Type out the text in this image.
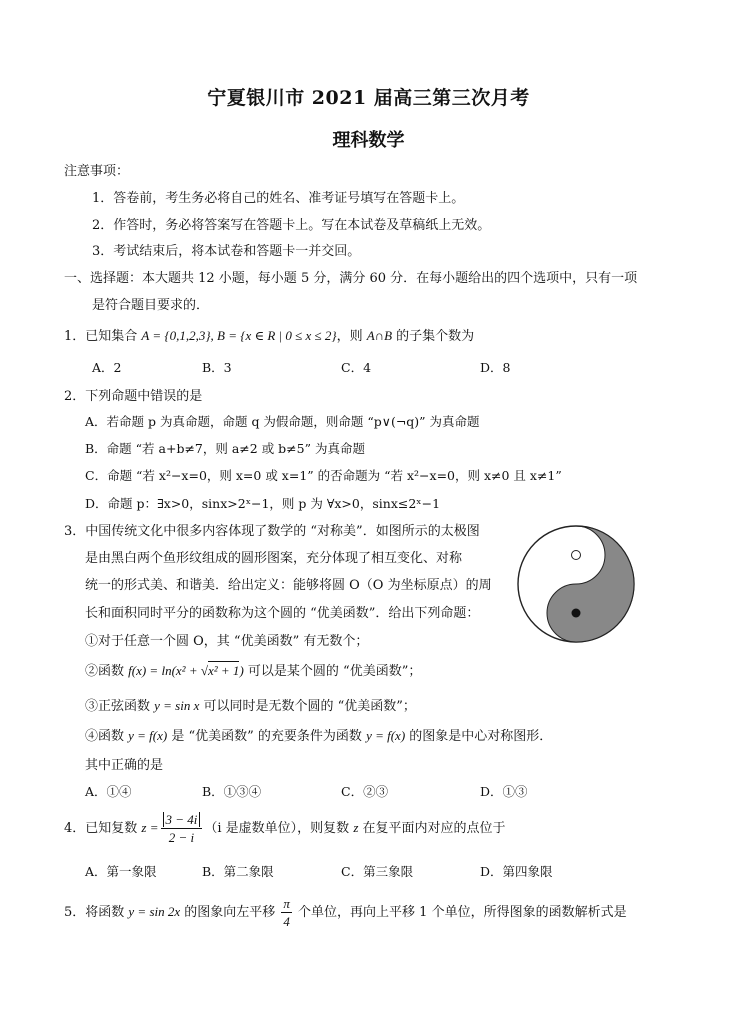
宁夏银川市 2021 届高三第三次月考
理科数学
注意事项：
1．答卷前，考生务必将自己的姓名、准考证号填写在答题卡上。
2．作答时，务必将答案写在答题卡上。写在本试卷及草稿纸上无效。
3．考试结束后，将本试卷和答题卡一并交回。
一、选择题：本大题共 12 小题，每小题 5 分，满分 60 分．在每小题给出的四个选项中，只有一项
是符合题目要求的．
1．已知集合 A = {0,1,2,3}, B = {x ∈ R | 0 ≤ x ≤ 2}，则 A∩B 的子集个数为
A．2	B．3	C．4	D．8
2．下列命题中错误的是
A．若命题 p 为真命题，命题 q 为假命题，则命题 “p∨(¬q)” 为真命题
B．命题 “若 a+b≠7，则 a≠2 或 b≠5” 为真命题
C．命题 “若 x²−x=0，则 x=0 或 x=1” 的否命题为 “若 x²−x=0，则 x≠0 且 x≠1”
D．命题 p：∃x>0，sinx>2ˣ−1，则 p 为 ∀x>0，sinx≤2ˣ−1
3．中国传统文化中很多内容体现了数学的 “对称美”．如图所示的太极图
是由黑白两个鱼形纹组成的圆形图案，充分体现了相互变化、对称
统一的形式美、和谐美．给出定义：能够将圆 O（O 为坐标原点）的周
长和面积同时平分的函数称为这个圆的 “优美函数”．给出下列命题：
①对于任意一个圆 O，其 “优美函数” 有无数个；
②函数 f(x) = ln(x² + √x² + 1) 可以是某个圆的 “优美函数”；
③正弦函数 y = sin x 可以同时是无数个圆的 “优美函数”；
④函数 y = f(x) 是 “优美函数” 的充要条件为函数 y = f(x) 的图象是中心对称图形．
其中正确的是
A．①④	B．①③④	C．②③	D．①③
4．已知复数 $z = \frac{3 - 4i}{2 - i} (i$ 是虚数单位），则复数 z 在复平面内对应的点位于
A．第一象限	B．第二象限	C．第三象限	D．第四象限
5．将函数 y = sin 2x 的图象向左平移 $\frac{\pi}{4}$ 个单位，再向上平移 1 个单位，所得图象的函数解析式是
